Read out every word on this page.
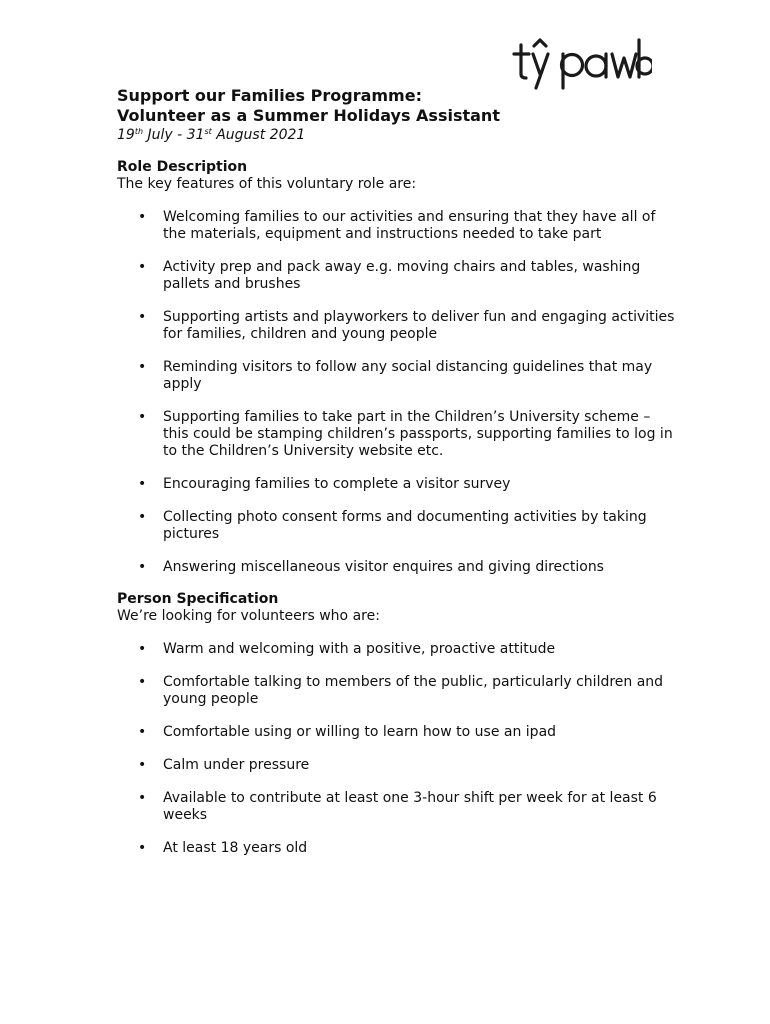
Support our Families Programme:

Volunteer as a Summer Holidays Assistant

19th July - 31st August 2021

Role Description

The key features of this voluntary role are:

• Welcoming families to our activities and ensuring that they have all of the materials, equipment and instructions needed to take part
• Activity prep and pack away e.g. moving chairs and tables, washing pallets and brushes
• Supporting artists and playworkers to deliver fun and engaging activities for families, children and young people
• Reminding visitors to follow any social distancing guidelines that may apply
• Supporting families to take part in the Children’s University scheme – this could be stamping children’s passports, supporting families to log in to the Children’s University website etc.
• Encouraging families to complete a visitor survey
• Collecting photo consent forms and documenting activities by taking pictures
• Answering miscellaneous visitor enquires and giving directions

Person Specification

We’re looking for volunteers who are:

• Warm and welcoming with a positive, proactive attitude
• Comfortable talking to members of the public, particularly children and young people
• Comfortable using or willing to learn how to use an ipad
• Calm under pressure
• Available to contribute at least one 3-hour shift per week for at least 6 weeks
• At least 18 years old
